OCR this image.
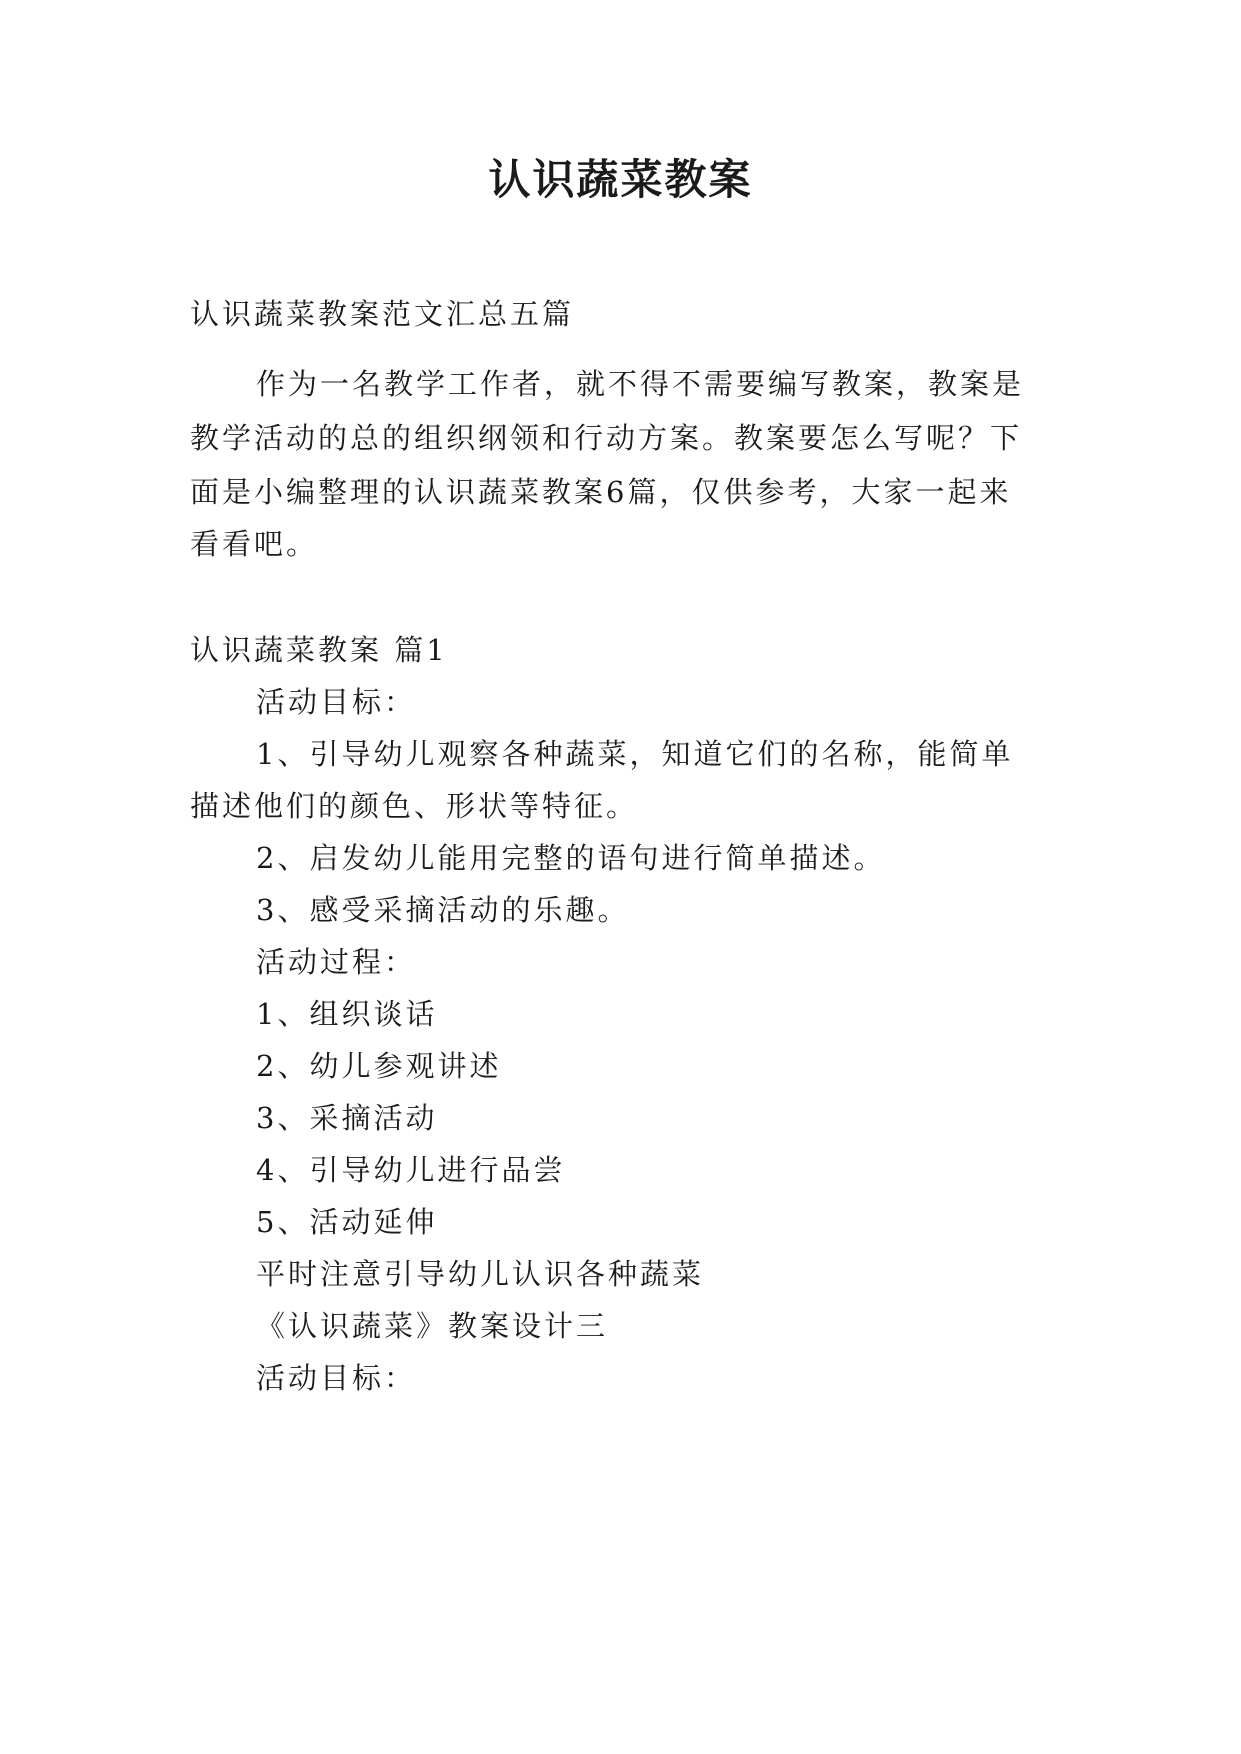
认识蔬菜教案
认识蔬菜教案范文汇总五篇
作为一名教学工作者，就不得不需要编写教案，教案是
教学活动的总的组织纲领和行动方案。教案要怎么写呢？下
面是小编整理的认识蔬菜教案6篇，仅供参考，大家一起来
看看吧。
认识蔬菜教案 篇1
活动目标：
1、引导幼儿观察各种蔬菜，知道它们的名称，能简单
描述他们的颜色、形状等特征。
2、启发幼儿能用完整的语句进行简单描述。
3、感受采摘活动的乐趣。
活动过程：
1、组织谈话
2、幼儿参观讲述
3、采摘活动
4、引导幼儿进行品尝
5、活动延伸
平时注意引导幼儿认识各种蔬菜
《认识蔬菜》教案设计三
活动目标：
